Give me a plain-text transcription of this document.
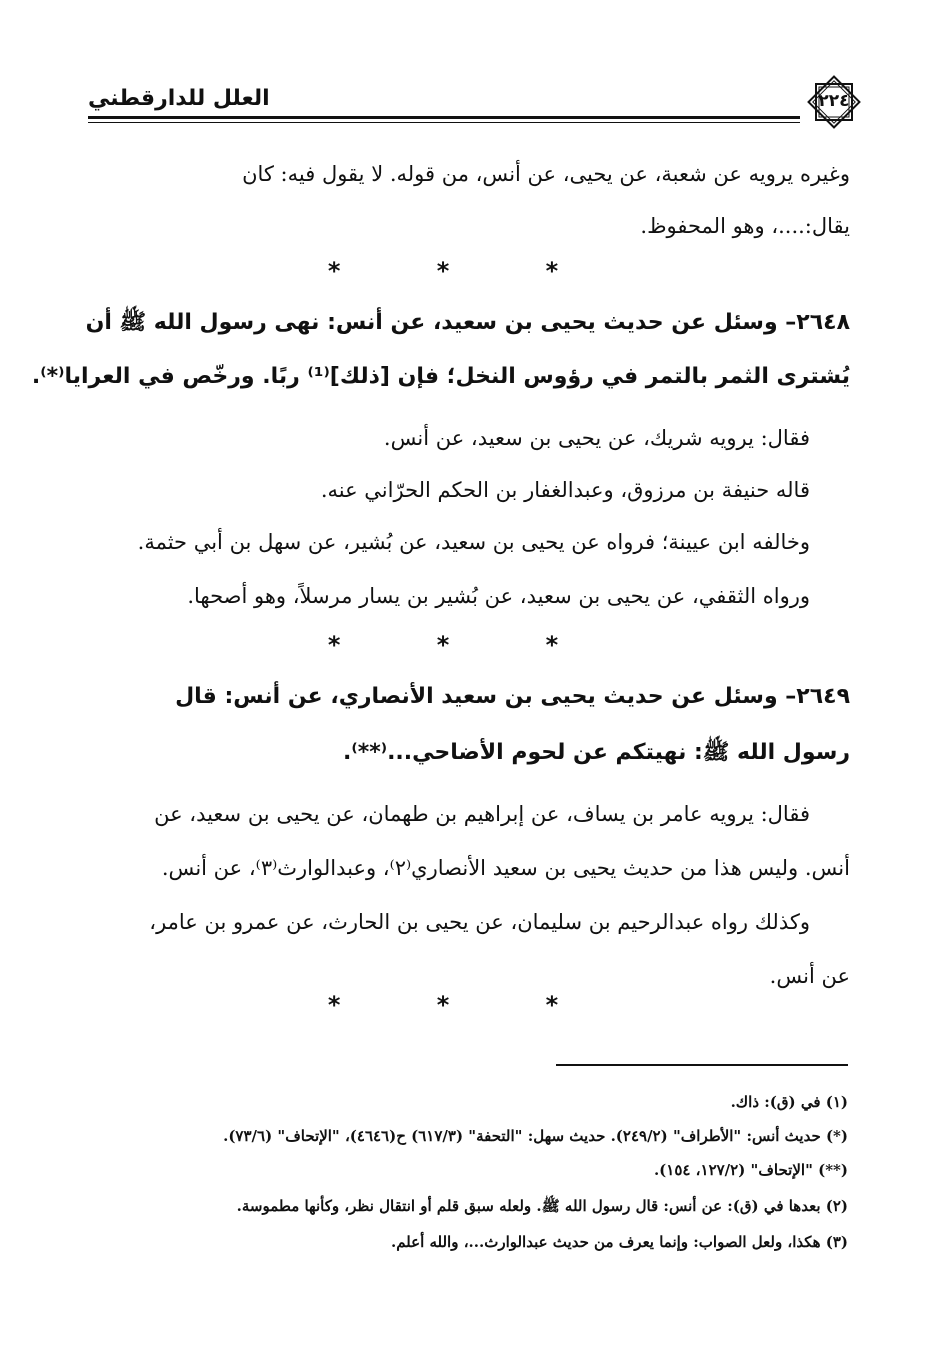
العلل للدارقطني	٢٢٤

وغيره يرويه عن شعبة، عن يحيى، عن أنس، من قوله. لا يقول فيه: كان

يقال:....، وهو المحفوظ.

* * *

٢٦٤٨– وسئل عن حديث يحيى بن سعيد، عن أنس: نهى رسول الله ﷺ أن

يُشترى الثمر بالتمر في رؤوس النخل؛ فإن [ذلك]⁽¹⁾ ربًا. ورخّص في العرايا⁽*⁾.

فقال: يرويه شريك، عن يحيى بن سعيد، عن أنس.

قاله حنيفة بن مرزوق، وعبدالغفار بن الحكم الحرّاني عنه.

وخالفه ابن عيينة؛ فرواه عن يحيى بن سعيد، عن بُشير، عن سهل بن أبي حثمة.

ورواه الثقفي، عن يحيى بن سعيد، عن بُشير بن يسار مرسلاً، وهو أصحها.

* * *

٢٦٤٩– وسئل عن حديث يحيى بن سعيد الأنصاري، عن أنس: قال

رسول الله ﷺ: نهيتكم عن لحوم الأضاحي...⁽**⁾.

فقال: يرويه عامر بن يساف، عن إبراهيم بن طهمان، عن يحيى بن سعيد، عن

أنس. وليس هذا من حديث يحيى بن سعيد الأنصاري⁽٢⁾، وعبدالوارث⁽٣⁾، عن أنس.

وكذلك رواه عبدالرحيم بن سليمان، عن يحيى بن الحارث، عن عمرو بن عامر،

عن أنس.

* * *
(١) في (ق): ذاك.
(*) حديث أنس: "الأطراف" (٢٤٩/٢). حديث سهل: "التحفة" (٦١٧/٣) ح(٤٦٤٦)، "الإتحاف" (٧٣/٦).
(**) "الإتحاف" (١٢٧/٢، ١٥٤).
(٢) بعدها في (ق): عن أنس: قال رسول الله ﷺ. ولعله سبق قلم أو انتقال نظر، وكأنها مطموسة.
(٣) هكذا، ولعل الصواب: وإنما يعرف من حديث عبدالوارث...، والله أعلم.
